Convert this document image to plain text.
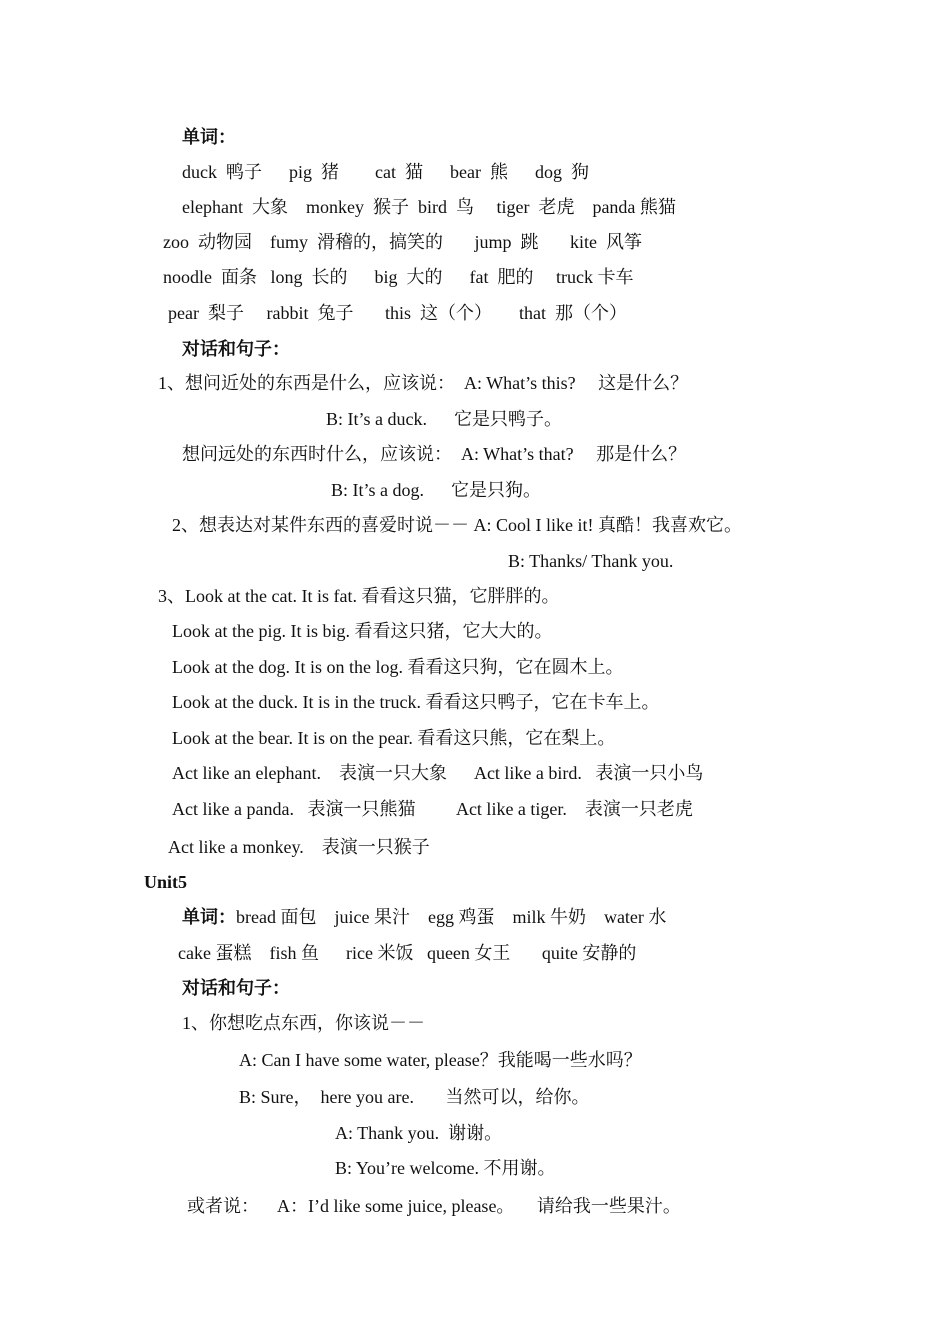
单词：
duck  鸭子      pig  猪        cat  猫      bear  熊      dog  狗
elephant  大象    monkey  猴子  bird  鸟     tiger  老虎    panda 熊猫
zoo  动物园    fumy  滑稽的，搞笑的       jump  跳       kite  风筝
noodle  面条   long  长的      big  大的      fat  肥的     truck 卡车
pear  梨子     rabbit  兔子       this  这（个）      that  那（个）
对话和句子：
1、想问近处的东西是什么，应该说：  A: What’s this?     这是什么？
B: It’s a duck.      它是只鸭子。
想问远处的东西时什么，应该说：  A: What’s that?     那是什么？
B: It’s a dog.      它是只狗。
2、想表达对某件东西的喜爱时说－－ A: Cool I like it! 真酷！我喜欢它。
B: Thanks/ Thank you.
3、Look at the cat. It is fat. 看看这只猫，它胖胖的。
Look at the pig. It is big. 看看这只猪，它大大的。
Look at the dog. It is on the log. 看看这只狗，它在圆木上。
Look at the duck. It is in the truck. 看看这只鸭子，它在卡车上。
Look at the bear. It is on the pear. 看看这只熊，它在梨上。
Act like an elephant.    表演一只大象      Act like a bird.   表演一只小鸟
Act like a panda.   表演一只熊猫         Act like a tiger.    表演一只老虎
Act like a monkey.    表演一只猴子
Unit5
单词：bread 面包    juice 果汁    egg 鸡蛋    milk 牛奶    water 水
cake 蛋糕    fish 鱼      rice 米饭   queen 女王       quite 安静的
对话和句子：
1、你想吃点东西，你该说－－
A: Can I have some water, please？我能喝一些水吗？
B: Sure，  here you are.       当然可以，给你。
A: Thank you.  谢谢。
B: You’re welcome. 不用谢。
或者说：    A：I’d like some juice, please。     请给我一些果汁。
